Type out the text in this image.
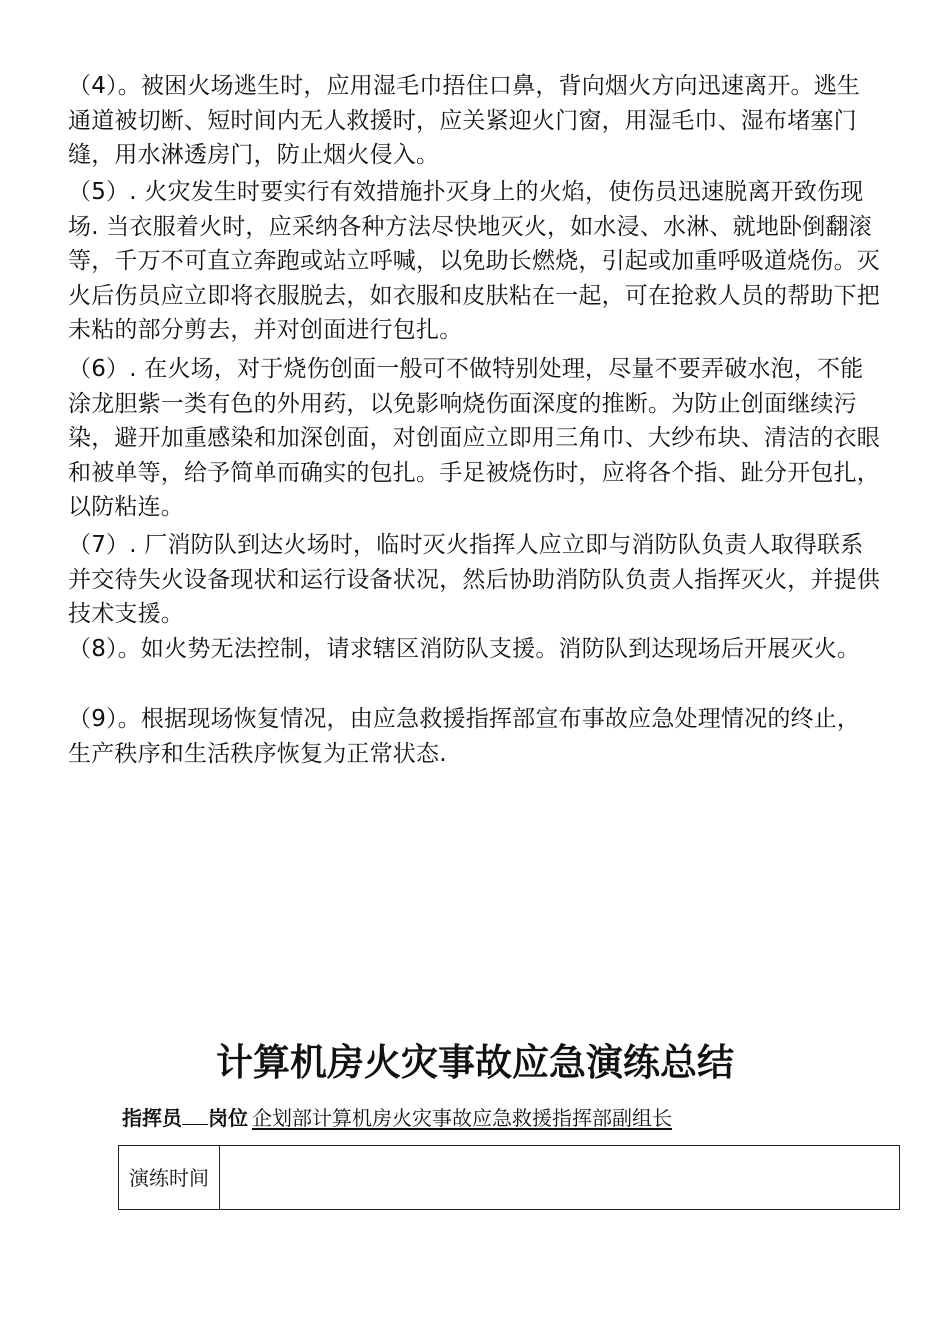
（4）。被困火场逃生时，应用湿毛巾捂住口鼻，背向烟火方向迅速离开。逃生通道被切断、短时间内无人救援时，应关紧迎火门窗，用湿毛巾、湿布堵塞门缝，用水淋透房门，防止烟火侵入。

（5）. 火灾发生时要实行有效措施扑灭身上的火焰，使伤员迅速脱离开致伤现场. 当衣服着火时，应采纳各种方法尽快地灭火，如水浸、水淋、就地卧倒翻滚等，千万不可直立奔跑或站立呼喊，以免助长燃烧，引起或加重呼吸道烧伤。灭火后伤员应立即将衣服脱去，如衣服和皮肤粘在一起，可在抢救人员的帮助下把未粘的部分剪去，并对创面进行包扎。

（6）. 在火场，对于烧伤创面一般可不做特别处理，尽量不要弄破水泡，不能涂龙胆紫一类有色的外用药，以免影响烧伤面深度的推断。为防止创面继续污染，避开加重感染和加深创面，对创面应立即用三角巾、大纱布块、清洁的衣眼和被单等，给予简单而确实的包扎。手足被烧伤时，应将各个指、趾分开包扎，以防粘连。

（7）. 厂消防队到达火场时，临时灭火指挥人应立即与消防队负责人取得联系并交待失火设备现状和运行设备状况，然后协助消防队负责人指挥灭火，并提供技术支援。

（8）。如火势无法控制，请求辖区消防队支援。消防队到达现场后开展灭火。

（9）。根据现场恢复情况，由应急救援指挥部宣布事故应急处理情况的终止，生产秩序和生活秩序恢复为正常状态.

计算机房火灾事故应急演练总结
指挥员 岗位 企划部计算机房火灾事故应急救援指挥部副组长
演练时间	
